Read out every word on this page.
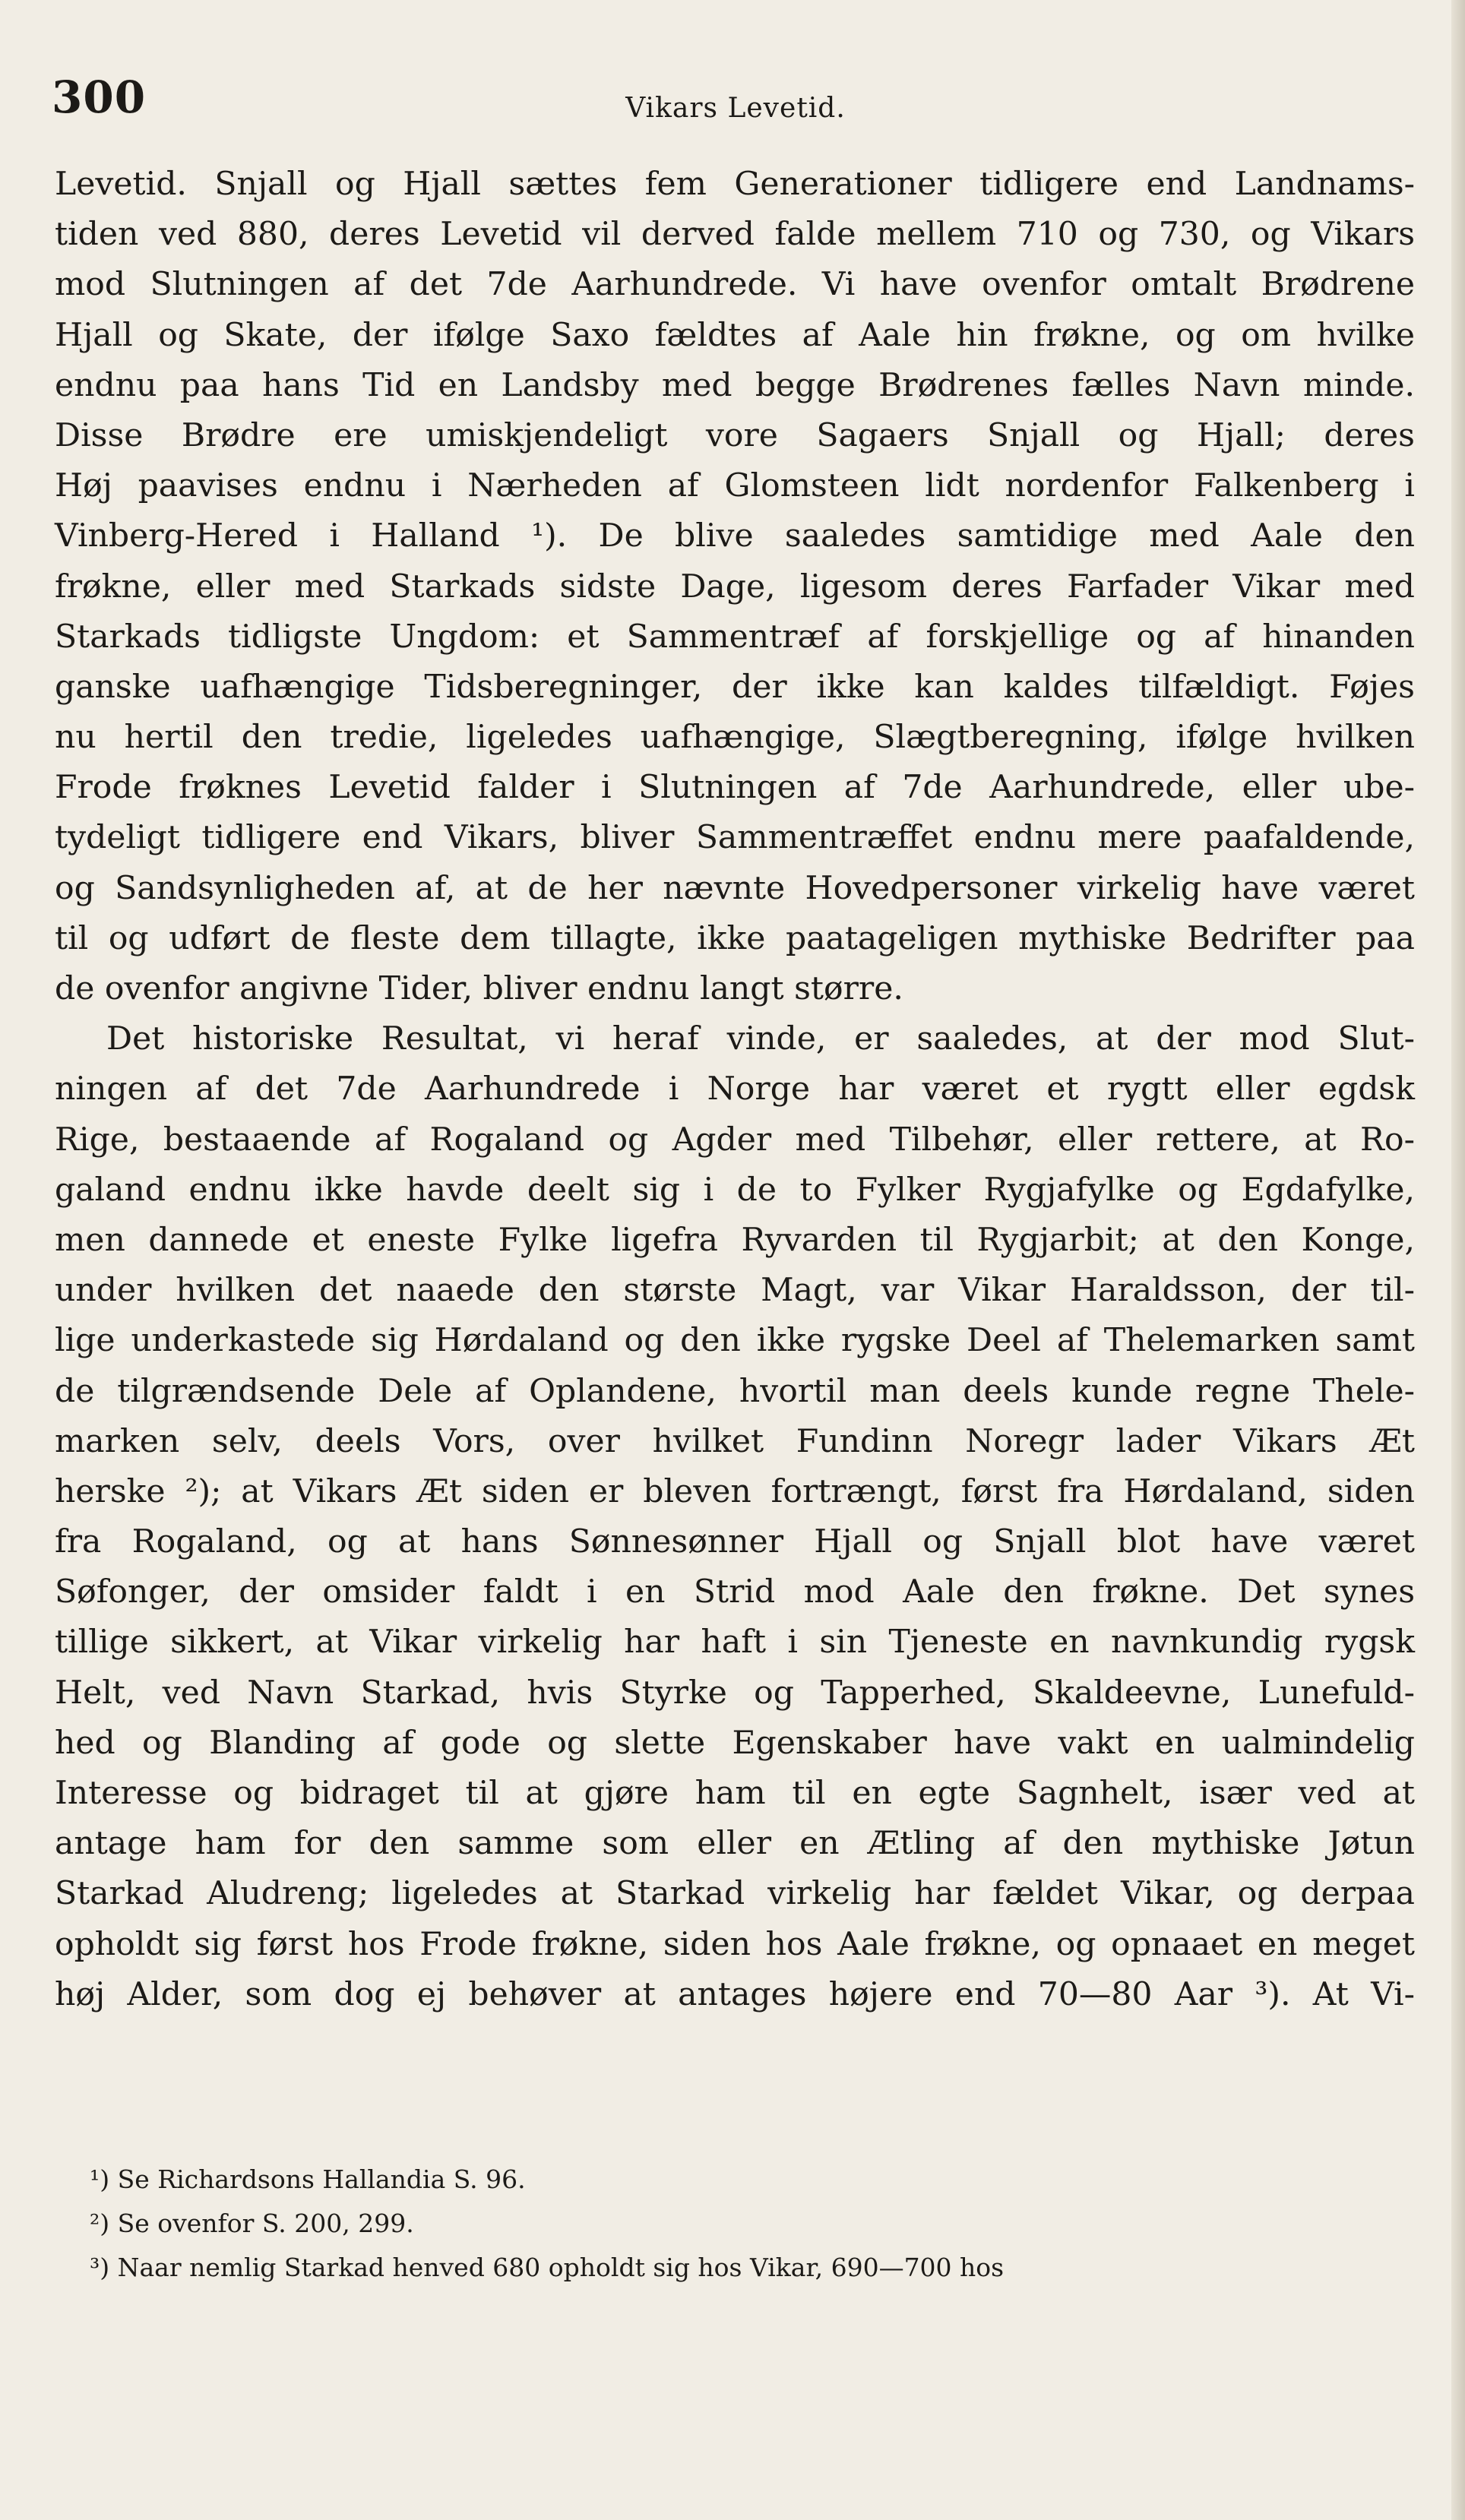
300	Vikars Levetid.
Levetid. Snjall og Hjall sættes fem Generationer tidligere end Landnams-
tiden ved 880, deres Levetid vil derved falde mellem 710 og 730, og Vikars
mod Slutningen af det 7de Aarhundrede. Vi have ovenfor omtalt Brødrene
Hjall og Skate, der ifølge Saxo fældtes af Aale hin frøkne, og om hvilke
endnu paa hans Tid en Landsby med begge Brødrenes fælles Navn minde.
Disse Brødre ere umiskjendeligt vore Sagaers Snjall og Hjall; deres
Høj paavises endnu i Nærheden af Glomsteen lidt nordenfor Falkenberg i
Vinberg-Hered i Halland ¹). De blive saaledes samtidige med Aale den
frøkne, eller med Starkads sidste Dage, ligesom deres Farfader Vikar med
Starkads tidligste Ungdom: et Sammentræf af forskjellige og af hinanden
ganske uafhængige Tidsberegninger, der ikke kan kaldes tilfældigt. Føjes
nu hertil den tredie, ligeledes uafhængige, Slægtberegning, ifølge hvilken
Frode frøknes Levetid falder i Slutningen af 7de Aarhundrede, eller ube-
tydeligt tidligere end Vikars, bliver Sammentræffet endnu mere paafaldende,
og Sandsynligheden af, at de her nævnte Hovedpersoner virkelig have været
til og udført de fleste dem tillagte, ikke paatageligen mythiske Bedrifter paa
de ovenfor angivne Tider, bliver endnu langt større.
Det historiske Resultat, vi heraf vinde, er saaledes, at der mod Slut-
ningen af det 7de Aarhundrede i Norge har været et rygtt eller egdsk
Rige, bestaaende af Rogaland og Agder med Tilbehør, eller rettere, at Ro-
galand endnu ikke havde deelt sig i de to Fylker Rygjafylke og Egdafylke,
men dannede et eneste Fylke ligefra Ryvarden til Rygjarbit; at den Konge,
under hvilken det naaede den største Magt, var Vikar Haraldsson, der til-
lige underkastede sig Hørdaland og den ikke rygske Deel af Thelemarken samt
de tilgrændsende Dele af Oplandene, hvortil man deels kunde regne Thele-
marken selv, deels Vors, over hvilket Fundinn Noregr lader Vikars Æt
herske ²); at Vikars Æt siden er bleven fortrængt, først fra Hørdaland, siden
fra Rogaland, og at hans Sønnesønner Hjall og Snjall blot have været
Søfonger, der omsider faldt i en Strid mod Aale den frøkne. Det synes
tillige sikkert, at Vikar virkelig har haft i sin Tjeneste en navnkundig rygsk
Helt, ved Navn Starkad, hvis Styrke og Tapperhed, Skaldeevne, Lunefuld-
hed og Blanding af gode og slette Egenskaber have vakt en ualmindelig
Interesse og bidraget til at gjøre ham til en egte Sagnhelt, især ved at
antage ham for den samme som eller en Ætling af den mythiske Jøtun
Starkad Aludreng; ligeledes at Starkad virkelig har fældet Vikar, og derpaa
opholdt sig først hos Frode frøkne, siden hos Aale frøkne, og opnaaet en meget
høj Alder, som dog ej behøver at antages højere end 70—80 Aar ³). At Vi-
¹) Se Richardsons Hallandia S. 96.
²) Se ovenfor S. 200, 299.
³) Naar nemlig Starkad henved 680 opholdt sig hos Vikar, 690—700 hos
